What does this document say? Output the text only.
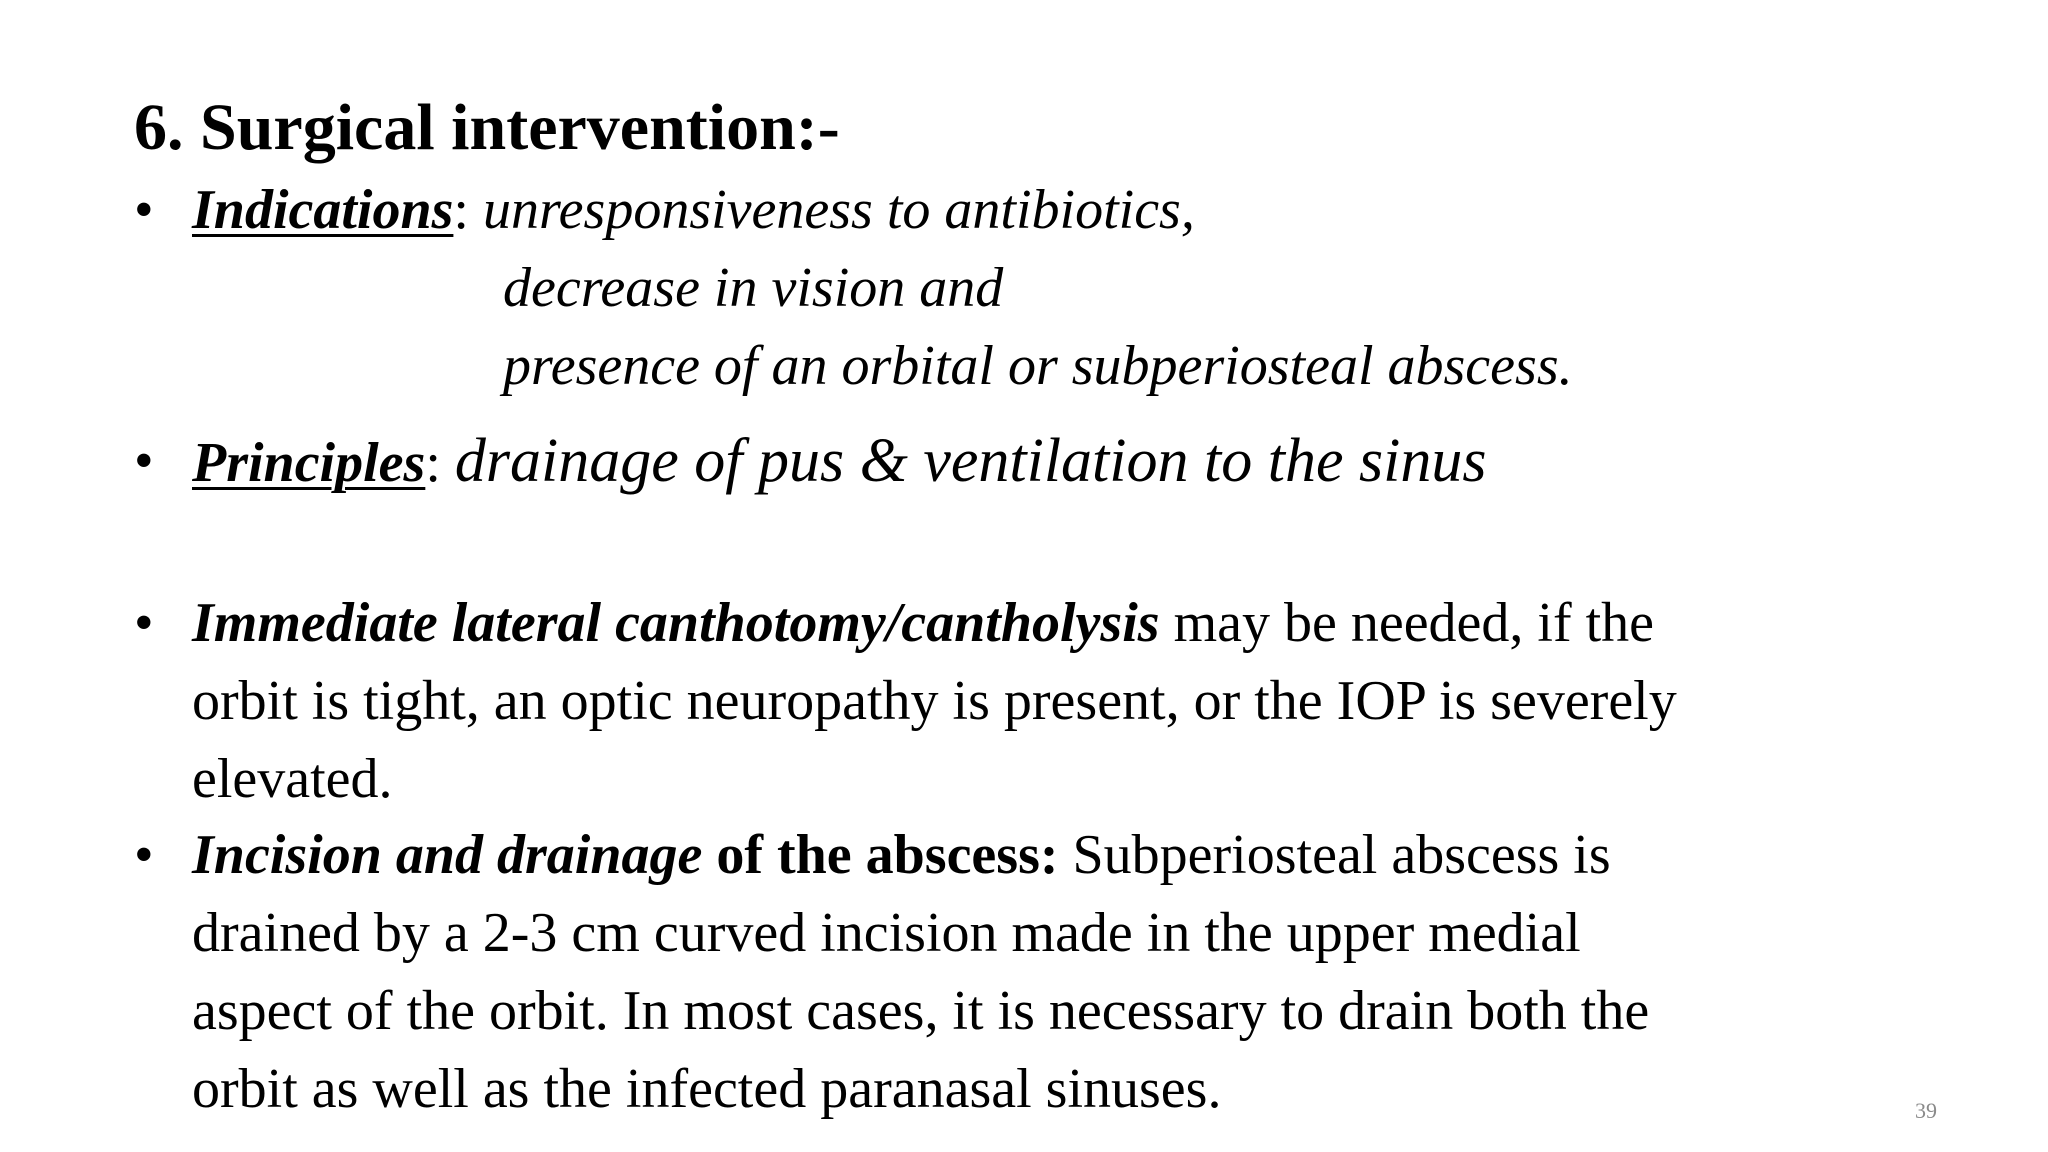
6. Surgical intervention:-
• Indications: unresponsiveness to antibiotics,
decrease in vision and
presence of an orbital or subperiosteal abscess.
• Principles: drainage of pus & ventilation to the sinus
• Immediate lateral canthotomy/cantholysis may be needed, if the
orbit is tight, an optic neuropathy is present, or the IOP is severely
elevated.
• Incision and drainage of the abscess: Subperiosteal abscess is
drained by a 2-3 cm curved incision made in the upper medial
aspect of the orbit. In most cases, it is necessary to drain both the
orbit as well as the infected paranasal sinuses.	39
